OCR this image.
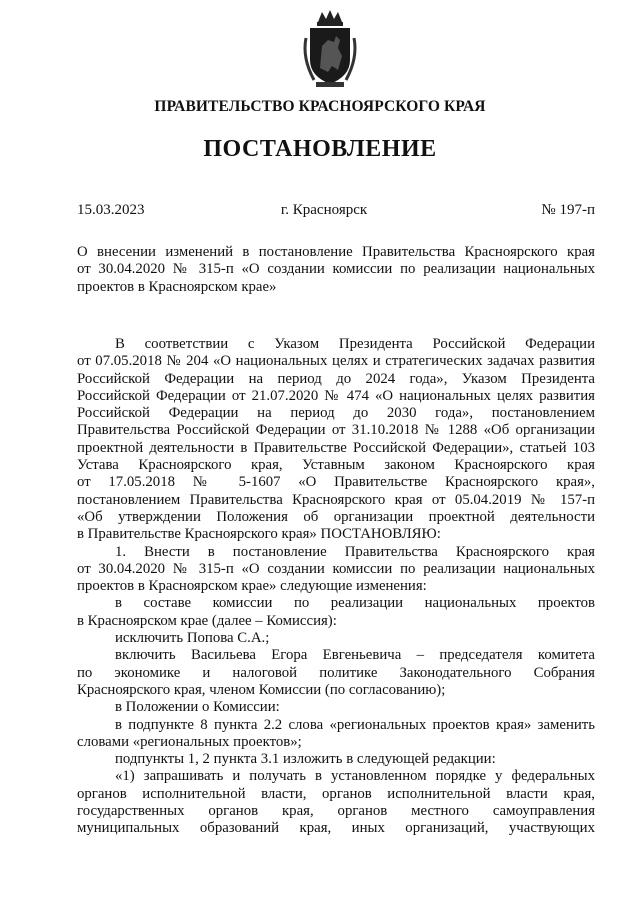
ПРАВИТЕЛЬСТВО КРАСНОЯРСКОГО КРАЯ
ПОСТАНОВЛЕНИЕ
15.03.2023	г. Красноярск	№ 197-п
О внесении изменений в постановление Правительства Красноярского края
от 30.04.2020 № 315-п «О создании комиссии по реализации национальных
проектов в Красноярском крае»
В соответствии с Указом Президента Российской Федерации
от 07.05.2018 № 204 «О национальных целях и стратегических задачах развития
Российской Федерации на период до 2024 года», Указом Президента
Российской Федерации от 21.07.2020 № 474 «О национальных целях развития
Российской Федерации на период до 2030 года», постановлением
Правительства Российской Федерации от 31.10.2018 № 1288 «Об организации
проектной деятельности в Правительстве Российской Федерации», статьей 103
Устава Красноярского края, Уставным законом Красноярского края
от 17.05.2018 № 5-1607 «О Правительстве Красноярского края»,
постановлением Правительства Красноярского края от 05.04.2019 № 157-п
«Об утверждении Положения об организации проектной деятельности
в Правительстве Красноярского края» ПОСТАНОВЛЯЮ:
1. Внести в постановление Правительства Красноярского края
от 30.04.2020 № 315-п «О создании комиссии по реализации национальных
проектов в Красноярском крае» следующие изменения:
в составе комиссии по реализации национальных проектов
в Красноярском крае (далее – Комиссия):
исключить Попова С.А.;
включить Васильева Егора Евгеньевича – председателя комитета
по экономике и налоговой политике Законодательного Собрания
Красноярского края, членом Комиссии (по согласованию);
в Положении о Комиссии:
в подпункте 8 пункта 2.2 слова «региональных проектов края» заменить
словами «региональных проектов»;
подпункты 1, 2 пункта 3.1 изложить в следующей редакции:
«1) запрашивать и получать в установленном порядке у федеральных
органов исполнительной власти, органов исполнительной власти края,
государственных органов края, органов местного самоуправления
муниципальных образований края, иных организаций, участвующих
